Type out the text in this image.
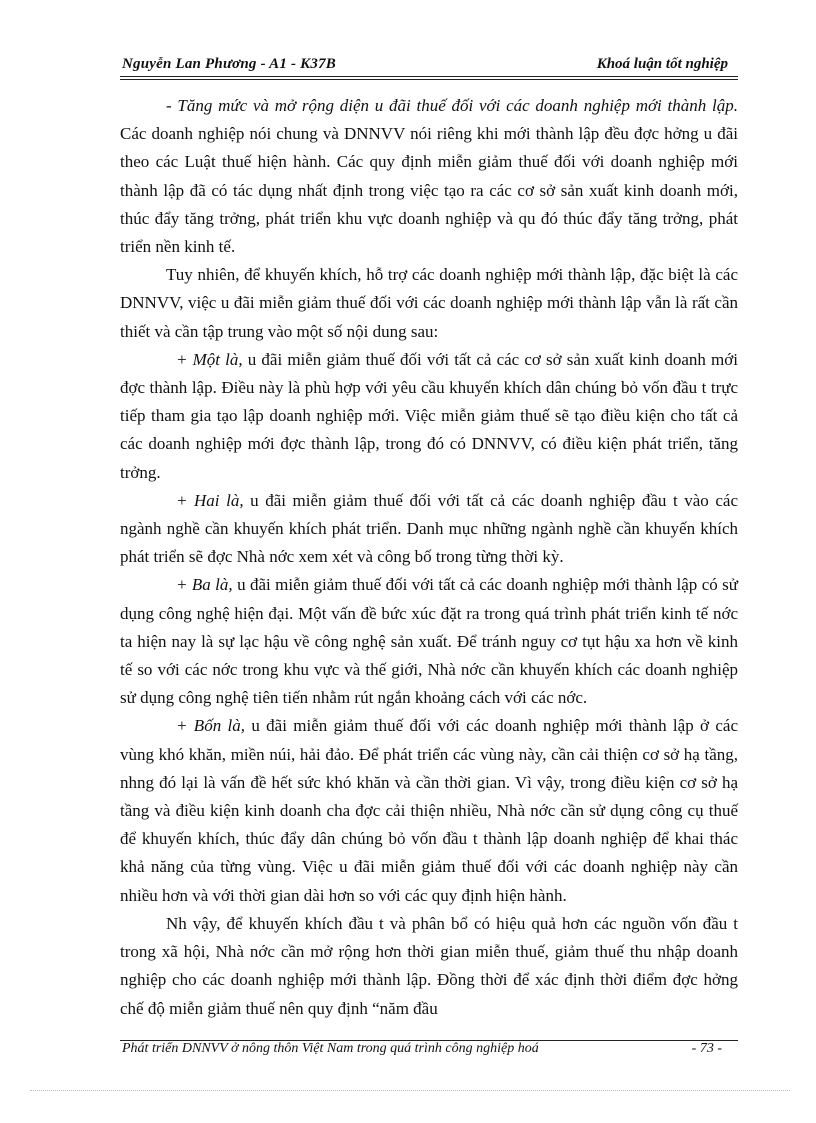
Nguyễn Lan Phương - A1 - K37B	Khoá luận tốt nghiệp

- Tăng mức và mở rộng diện u đãi thuế đối với các doanh nghiệp mới thành lập. Các doanh nghiệp nói chung và DNNVV nói riêng khi mới thành lập đều đợc hởng u đãi theo các Luật thuế hiện hành. Các quy định miễn giảm thuế đối với doanh nghiệp mới thành lập đã có tác dụng nhất định trong việc tạo ra các cơ sở sản xuất kinh doanh mới, thúc đẩy tăng trởng, phát triển khu vực doanh nghiệp và qu đó thúc đẩy tăng trởng, phát triển nền kinh tế.

Tuy nhiên, để khuyến khích, hỗ trợ các doanh nghiệp mới thành lập, đặc biệt là các DNNVV, việc u đãi miễn giảm thuế đối với các doanh nghiệp mới thành lập vẫn là rất cần thiết và cần tập trung vào một số nội dung sau:

+ Một là, u đãi miễn giảm thuế đối với tất cả các cơ sở sản xuất kinh doanh mới đợc thành lập. Điều này là phù hợp với yêu cầu khuyến khích dân chúng bỏ vốn đầu t trực tiếp tham gia tạo lập doanh nghiệp mới. Việc miễn giảm thuế sẽ tạo điều kiện cho tất cả các doanh nghiệp mới đợc thành lập, trong đó có DNNVV, có điều kiện phát triển, tăng trởng.

+ Hai là, u đãi miễn giảm thuế đối với tất cả các doanh nghiệp đầu t vào các ngành nghề cần khuyến khích phát triển. Danh mục những ngành nghề cần khuyến khích phát triển sẽ đợc Nhà nớc xem xét và công bố trong từng thời kỳ.

+ Ba là, u đãi miễn giảm thuế đối với tất cả các doanh nghiệp mới thành lập có sử dụng công nghệ hiện đại. Một vấn đề bức xúc đặt ra trong quá trình phát triển kinh tế nớc ta hiện nay là sự lạc hậu về công nghệ sản xuất. Để tránh nguy cơ tụt hậu xa hơn về kinh tế so với các nớc trong khu vực và thế giới, Nhà nớc cần khuyến khích các doanh nghiệp sử dụng công nghệ tiên tiến nhằm rút ngắn khoảng cách với các nớc.

+ Bốn là, u đãi miễn giảm thuế đối với các doanh nghiệp mới thành lập ở các vùng khó khăn, miền núi, hải đảo. Để phát triển các vùng này, cần cải thiện cơ sở hạ tầng, nhng đó lại là vấn đề hết sức khó khăn và cần thời gian. Vì vậy, trong điều kiện cơ sở hạ tầng và điều kiện kinh doanh cha đợc cải thiện nhiều, Nhà nớc cần sử dụng công cụ thuế để khuyến khích, thúc đẩy dân chúng bỏ vốn đầu t thành lập doanh nghiệp để khai thác khả năng của từng vùng. Việc u đãi miễn giảm thuế đối với các doanh nghiệp này cần nhiều hơn và với thời gian dài hơn so với các quy định hiện hành.

Nh vậy, để khuyến khích đầu t và phân bổ có hiệu quả hơn các nguồn vốn đầu t trong xã hội, Nhà nớc cần mở rộng hơn thời gian miễn thuế, giảm thuế thu nhập doanh nghiệp cho các doanh nghiệp mới thành lập. Đồng thời để xác định thời điểm đợc hởng chế độ miễn giảm thuế nên quy định “năm đầu

Phát triển DNNVV ở nông thôn Việt Nam trong quá trình công nghiệp hoá	- 73 -
